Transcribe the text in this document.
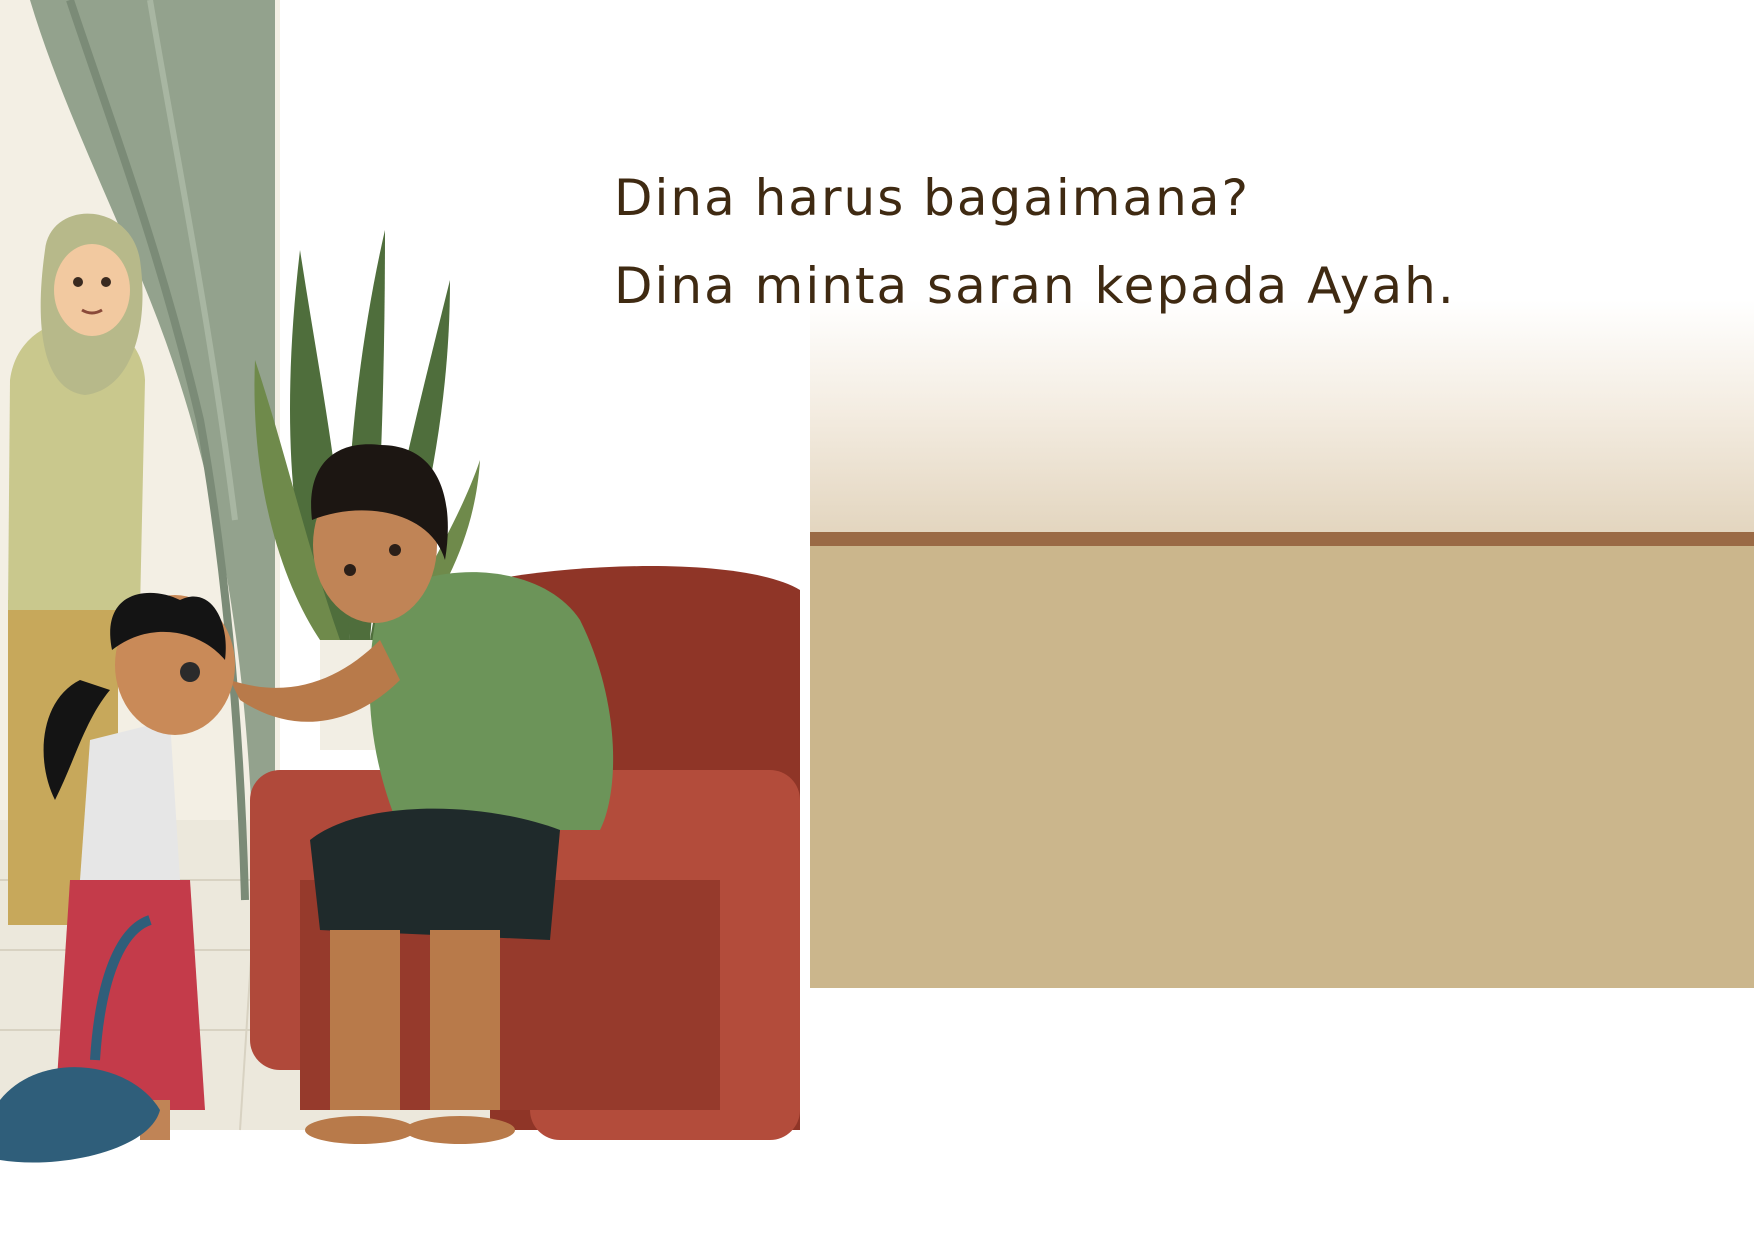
Dina harus bagaimana?

Dina minta saran kepada Ayah.
